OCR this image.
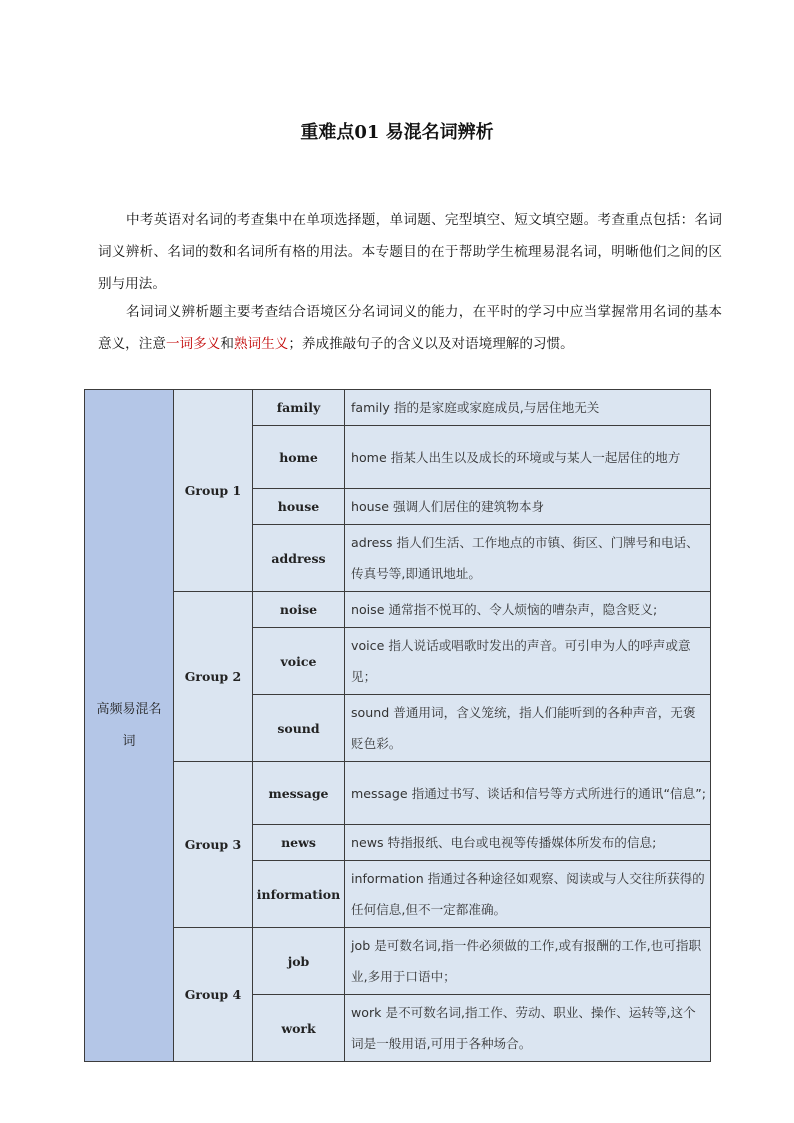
重难点01 易混名词辨析
中考英语对名词的考查集中在单项选择题，单词题、完型填空、短文填空题。考查重点包括：名词词义辨析、名词的数和名词所有格的用法。本专题目的在于帮助学生梳理易混名词，明晰他们之间的区别与用法。
名词词义辨析题主要考查结合语境区分名词词义的能力，在平时的学习中应当掌握常用名词的基本意义，注意一词多义和熟词生义；养成推敲句子的含义以及对语境理解的习惯。
高频易混名词	Group 1	family	family 指的是家庭或家庭成员,与居住地无关
		home	home 指某人出生以及成长的环境或与某人一起居住的地方
		house	house 强调人们居住的建筑物本身
		address	adress 指人们生活、工作地点的市镇、街区、门牌号和电话、传真号等,即通讯地址。
	Group 2	noise	noise 通常指不悦耳的、令人烦恼的嘈杂声，隐含贬义;
		voice	voice 指人说话或唱歌时发出的声音。可引申为人的呼声或意见；
		sound	sound 普通用词，含义笼统，指人们能听到的各种声音，无褒贬色彩。
	Group 3	message	message 指通过书写、谈话和信号等方式所进行的通讯“信息”;
		news	news 特指报纸、电台或电视等传播媒体所发布的信息;
		information	information 指通过各种途径如观察、阅读或与人交往所获得的任何信息,但不一定都准确。
	Group 4	job	job 是可数名词,指一件必须做的工作,或有报酬的工作,也可指职业,多用于口语中；
		work	work 是不可数名词,指工作、劳动、职业、操作、运转等,这个词是一般用语,可用于各种场合。
